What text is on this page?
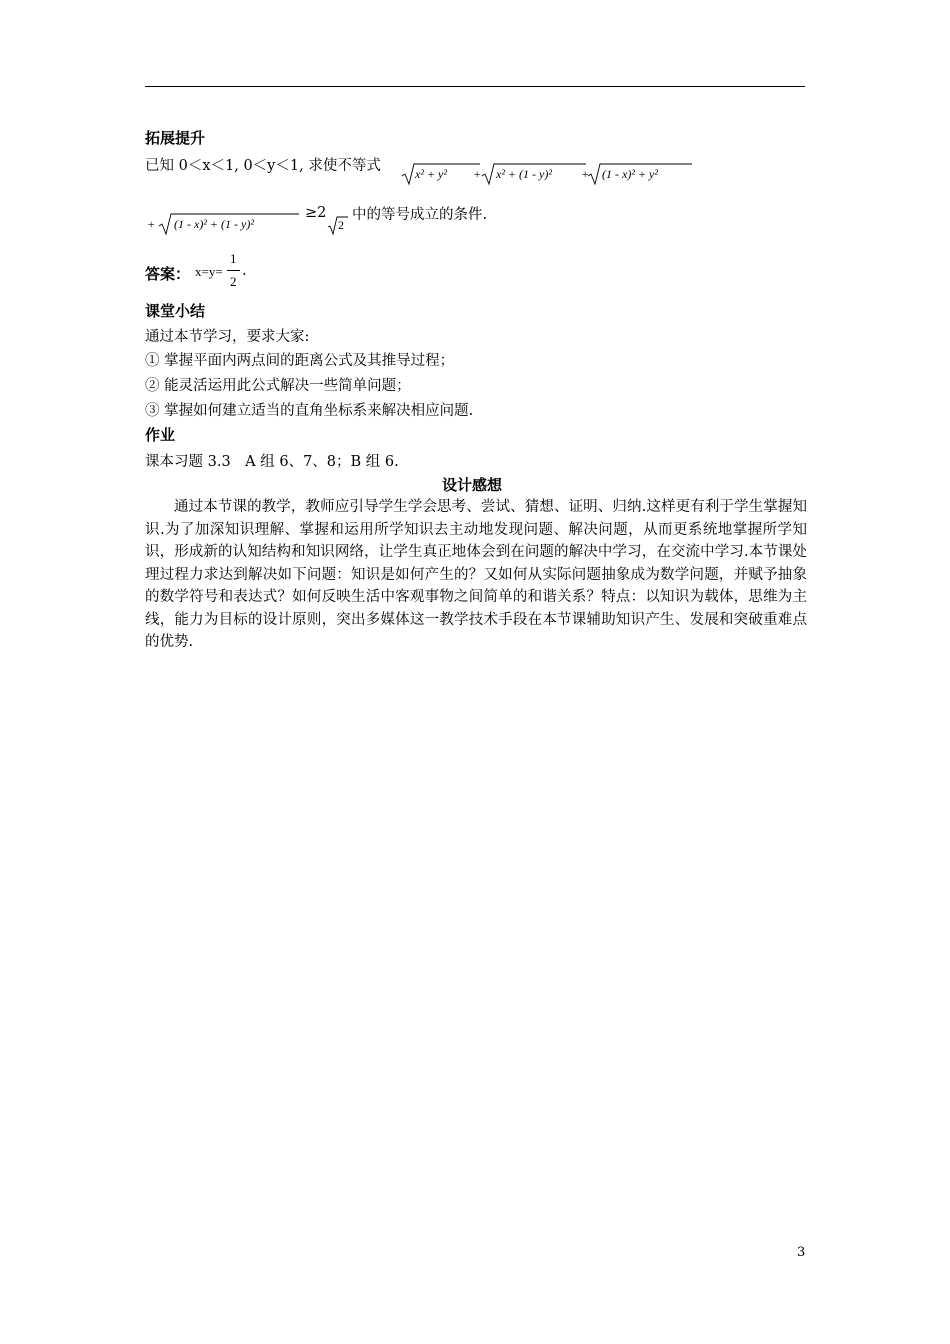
拓展提升
已知 0＜x＜1, 0＜y＜1, 求使不等式	x² + y² + x² + (1 - y)² + (1 - x)² + y²
+ (1 - x)² + (1 - y)²
≥2
2
中的等号成立的条件.
答案： x=y=
1
2
.
课堂小结
通过本节学习，要求大家:
① 掌握平面内两点间的距离公式及其推导过程；
② 能灵活运用此公式解决一些简单问题；
③ 掌握如何建立适当的直角坐标系来解决相应问题.
作业
课本习题 3.3　A 组 6、7、8；B 组 6.
设计感想
通过本节课的教学，教师应引导学生学会思考、尝试、猜想、证明、归纳.这样更有利于学生掌握知识.为了加深知识理解、掌握和运用所学知识去主动地发现问题、解决问题，从而更系统地掌握所学知识，形成新的认知结构和知识网络，让学生真正地体会到在问题的解决中学习，在交流中学习.本节课处理过程力求达到解决如下问题：知识是如何产生的？又如何从实际问题抽象成为数学问题，并赋予抽象的数学符号和表达式？如何反映生活中客观事物之间简单的和谐关系？特点：以知识为载体，思维为主线，能力为目标的设计原则，突出多媒体这一教学技术手段在本节课辅助知识产生、发展和突破重难点的优势.
3
